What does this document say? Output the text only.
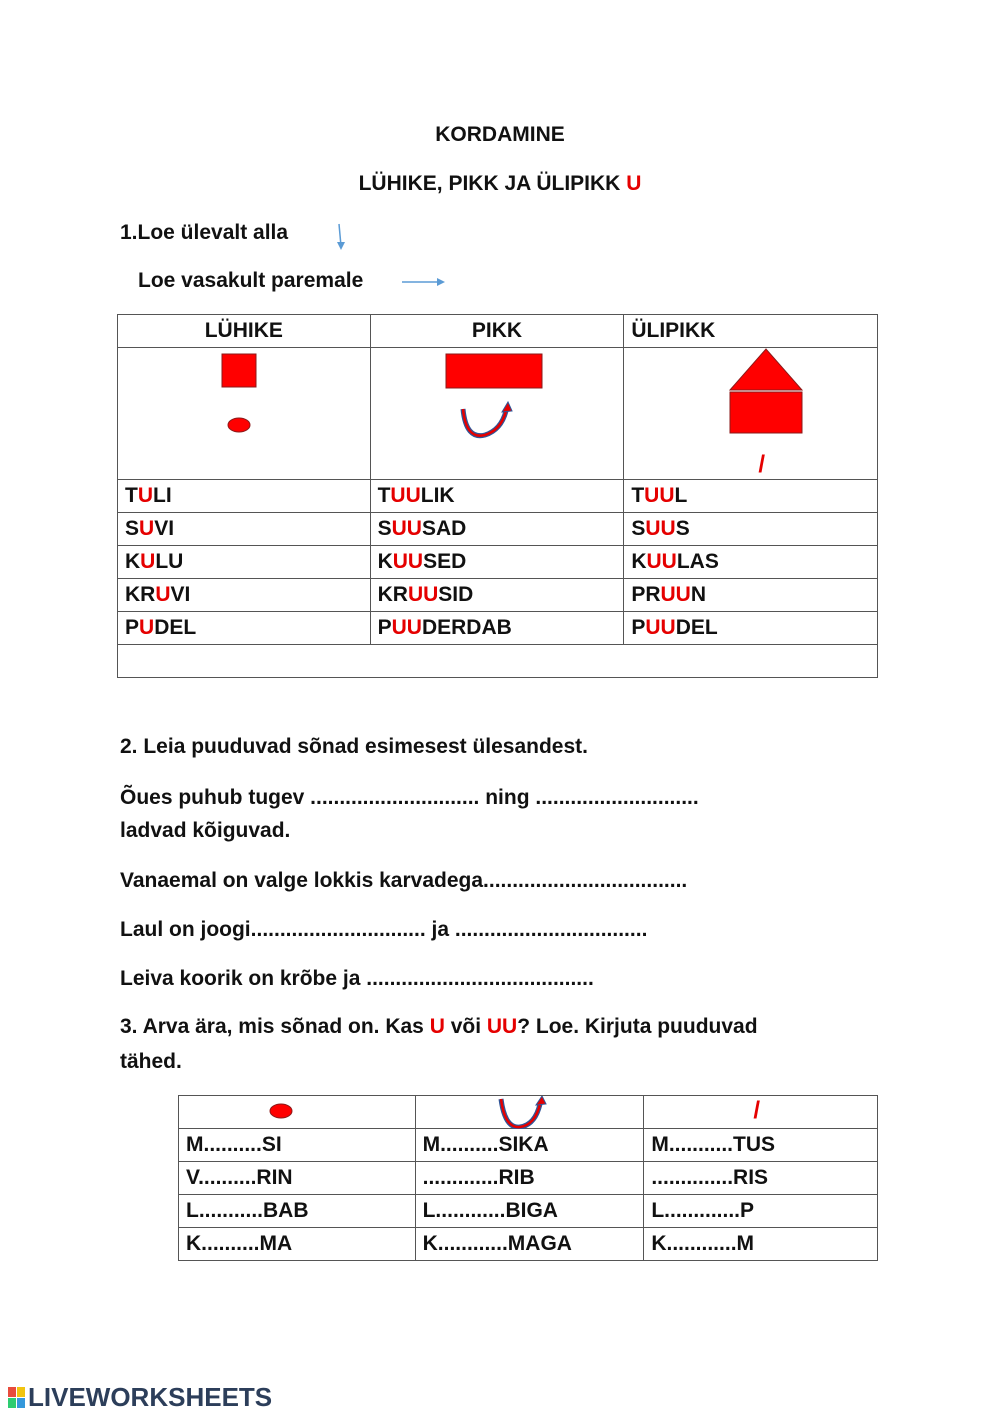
KORDAMINE
LÜHIKE, PIKK JA ÜLIPIKK U
1.Loe ülevalt alla
Loe vasakult paremale
LÜHIKE	PIKK	ÜLIPIKK

/

TULI	TUULIK	TUUL
SUVI	SUUSAD	SUUS
KULU	KUUSED	KUULAS
KRUVI	KRUUSID	PRUUN
PUDEL	PUUDERDAB	PUUDEL

2. Leia puuduvad sõnad esimesest ülesandest.
Õues puhub tugev ............................. ning ............................
ladvad kõiguvad.
Vanaemal on valge lokkis karvadega...................................
Laul on joogi.............................. ja .................................
Leiva koorik on krõbe ja .......................................
3. Arva ära, mis sõnad on. Kas U või UU? Loe. Kirjuta puuduvad
tähed.

/

M..........SI	M..........SIKA	M...........TUS
V..........RIN	.............RIB	..............RIS
L...........BAB	L............BIGA	L.............P
K..........MA	K............MAGA	K............M
LIVEWORKSHEETS
